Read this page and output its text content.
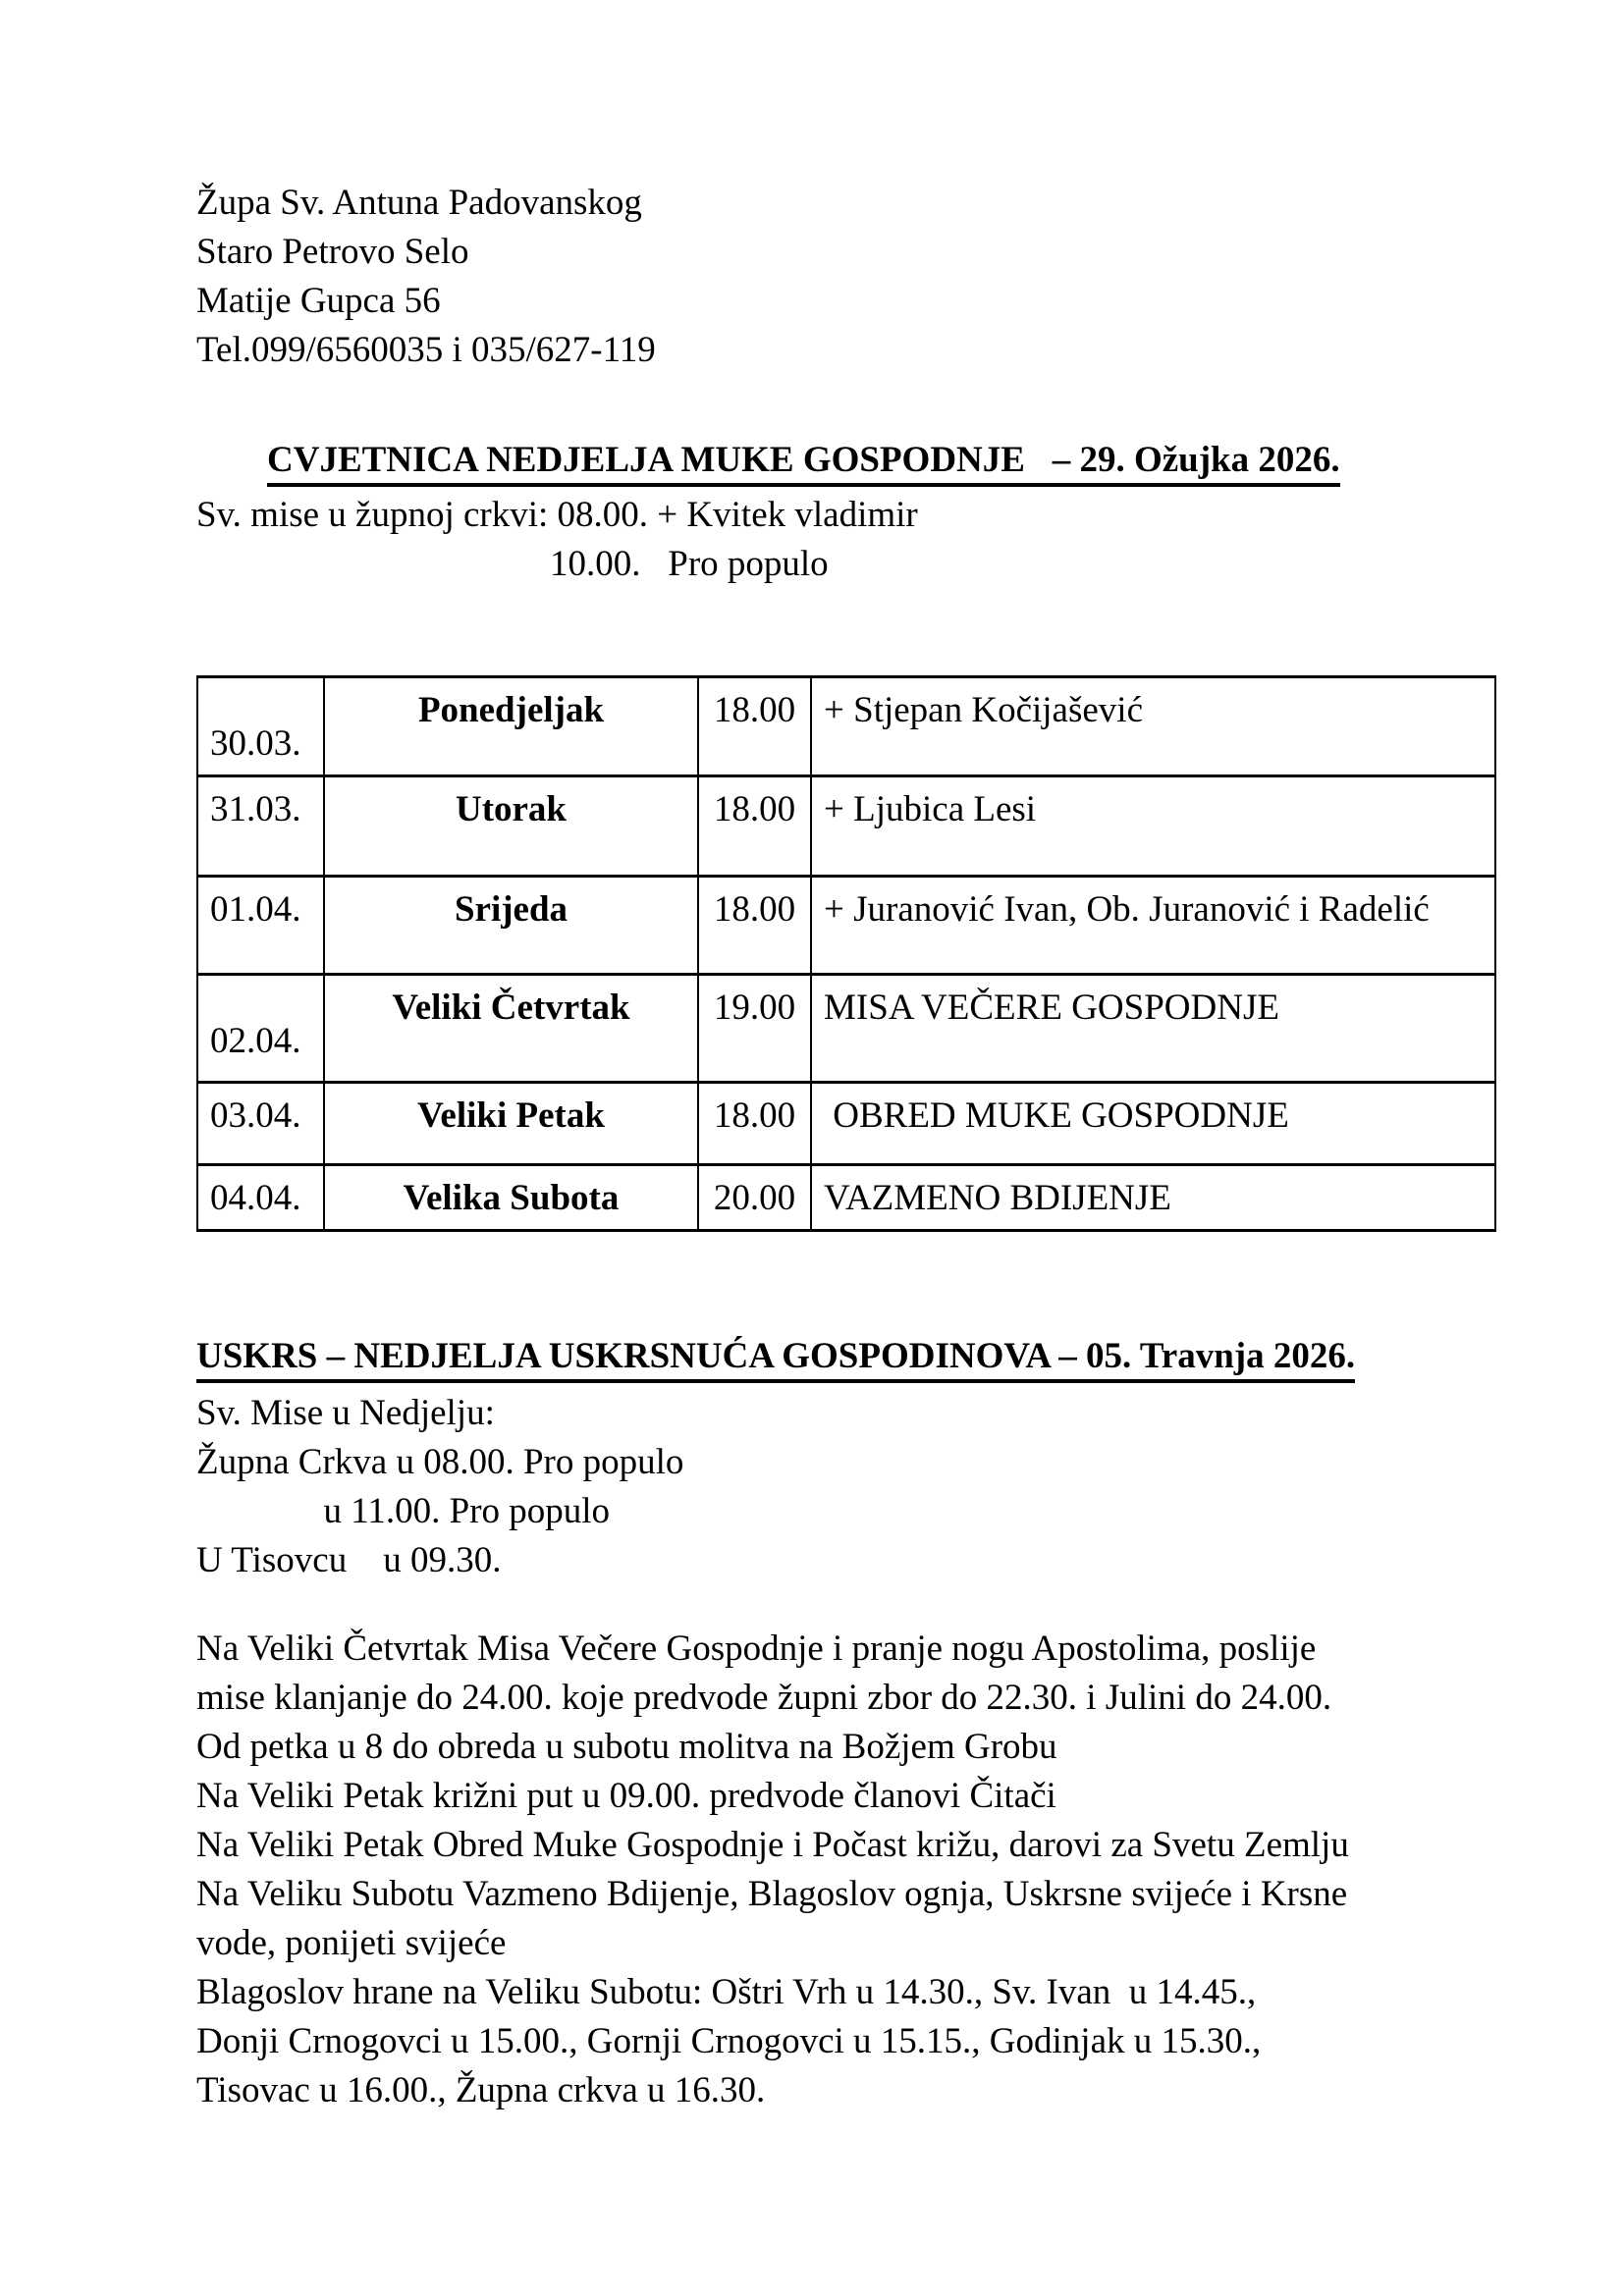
Župa Sv. Antuna Padovanskog
Staro Petrovo Selo
Matije Gupca 56
Tel.099/6560035 i 035/627-119
CVJETNICA NEDJELJA MUKE GOSPODNJE   – 29. Ožujka 2026.
Sv. mise u župnoj crkvi: 08.00. + Kvitek vladimir
10.00.   Pro populo
30.03.	Ponedjeljak	18.00	+ Stjepan Kočijašević
31.03.	Utorak	18.00	+ Ljubica Lesi
01.04.	Srijeda	18.00	+ Juranović Ivan, Ob. Juranović i Radelić
02.04.	Veliki Četvrtak	19.00	MISA VEČERE GOSPODNJE
03.04.	Veliki Petak	18.00	OBRED MUKE GOSPODNJE
04.04.	Velika Subota	20.00	VAZMENO BDIJENJE
USKRS – NEDJELJA USKRSNUĆA GOSPODINOVA – 05. Travnja 2026.
Sv. Mise u Nedjelju:
Župna Crkva u 08.00. Pro populo
u 11.00. Pro populo
U Tisovcu    u 09.30.
Na Veliki Četvrtak Misa Večere Gospodnje i pranje nogu Apostolima, poslije
mise klanjanje do 24.00. koje predvode župni zbor do 22.30. i Julini do 24.00.
Od petka u 8 do obreda u subotu molitva na Božjem Grobu
Na Veliki Petak križni put u 09.00. predvode članovi Čitači
Na Veliki Petak Obred Muke Gospodnje i Počast križu, darovi za Svetu Zemlju
Na Veliku Subotu Vazmeno Bdijenje, Blagoslov ognja, Uskrsne svijeće i Krsne
vode, ponijeti svijeće
Blagoslov hrane na Veliku Subotu: Oštri Vrh u 14.30., Sv. Ivan  u 14.45.,
Donji Crnogovci u 15.00., Gornji Crnogovci u 15.15., Godinjak u 15.30.,
Tisovac u 16.00., Župna crkva u 16.30.
